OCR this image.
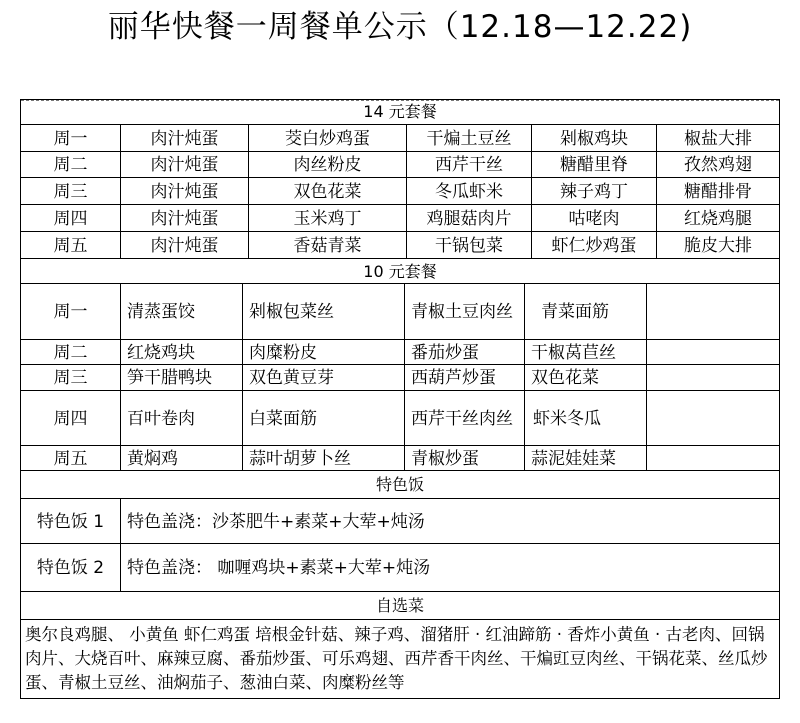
丽华快餐一周餐单公示（12.18—12.22)
14 元套餐
周一	肉汁炖蛋	茭白炒鸡蛋	干煸土豆丝	剁椒鸡块	椒盐大排
周二	肉汁炖蛋	肉丝粉皮	西芹干丝	糖醋里脊	孜然鸡翅
周三	肉汁炖蛋	双色花菜	冬瓜虾米	辣子鸡丁	糖醋排骨
周四	肉汁炖蛋	玉米鸡丁	鸡腿菇肉片	咕咾肉	红烧鸡腿
周五	肉汁炖蛋	香菇青菜	干锅包菜	虾仁炒鸡蛋	脆皮大排
10 元套餐
周一	清蒸蛋饺	剁椒包菜丝	青椒土豆肉丝	青菜面筋
周二	红烧鸡块	肉糜粉皮	番茄炒蛋	干椒莴苣丝
周三	笋干腊鸭块	双色黄豆芽	西葫芦炒蛋	双色花菜
周四	百叶卷肉	白菜面筋	西芹干丝肉丝	虾米冬瓜
周五	黄焖鸡	蒜叶胡萝卜丝	青椒炒蛋	蒜泥娃娃菜
特色饭
特色饭 1	特色盖浇：沙茶肥牛+素菜+大荤+炖汤
特色饭 2	特色盖浇： 咖喱鸡块+素菜+大荤+炖汤
自选菜
奥尔良鸡腿、 小黄鱼 虾仁鸡蛋 培根金针菇、辣子鸡、溜猪肝 · 红油蹄筋 · 香炸小黄鱼 · 古老肉、回锅肉片、大烧百叶、麻辣豆腐、番茄炒蛋、可乐鸡翅、西芹香干肉丝、干煸豇豆肉丝、干锅花菜、丝瓜炒蛋、青椒土豆丝、油焖茄子、葱油白菜、肉糜粉丝等
